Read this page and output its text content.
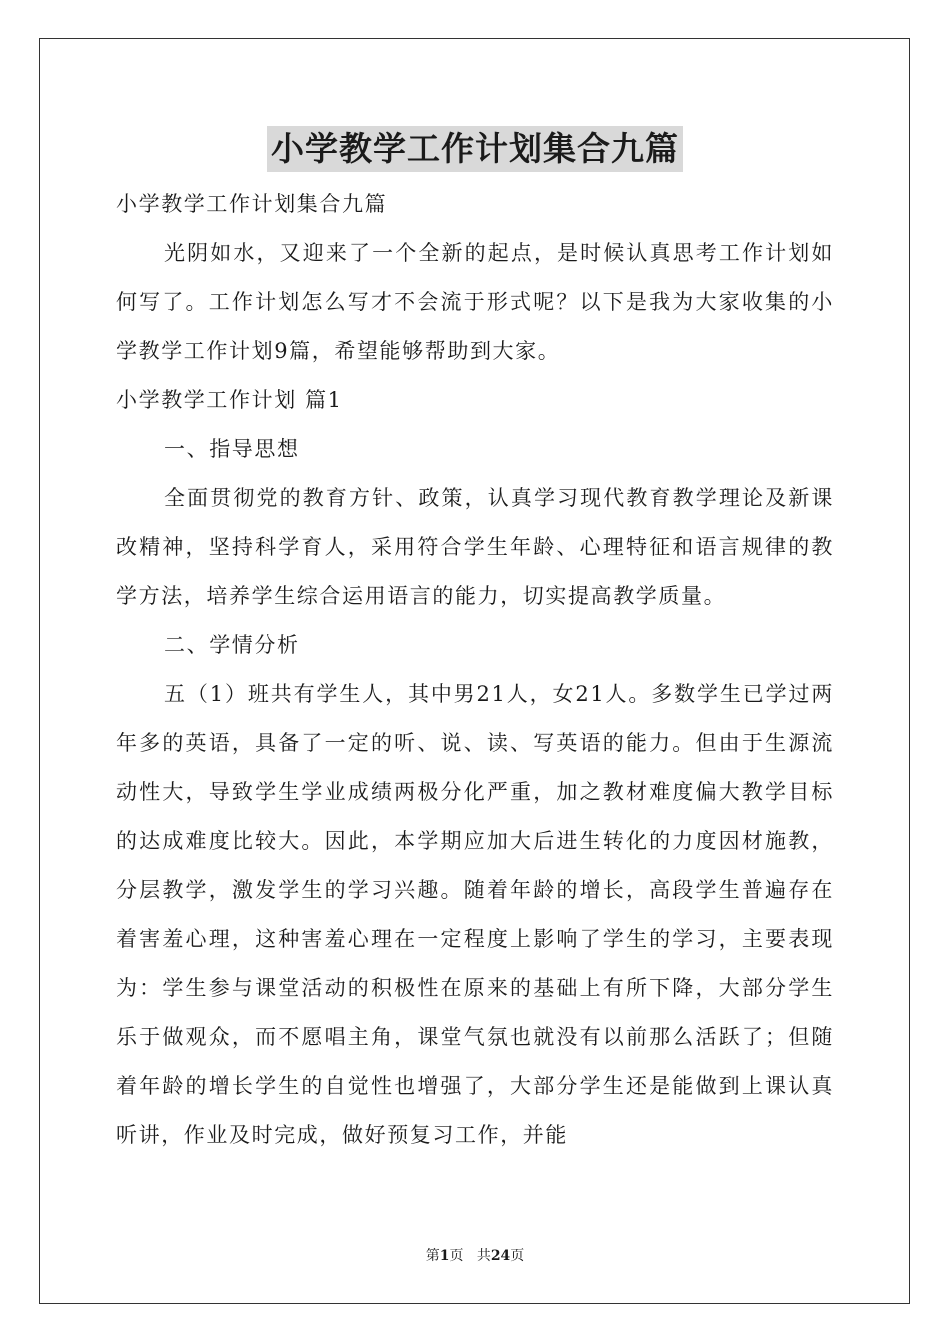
小学教学工作计划集合九篇

小学教学工作计划集合九篇

光阴如水，又迎来了一个全新的起点，是时候认真思考工作计划如何写了。工作计划怎么写才不会流于形式呢？以下是我为大家收集的小学教学工作计划9篇，希望能够帮助到大家。

小学教学工作计划 篇1

一、指导思想

全面贯彻党的教育方针、政策，认真学习现代教育教学理论及新课改精神，坚持科学育人，采用符合学生年龄、心理特征和语言规律的教学方法，培养学生综合运用语言的能力，切实提高教学质量。

二、学情分析

五（1）班共有学生人，其中男21人，女21人。多数学生已学过两年多的英语，具备了一定的听、说、读、写英语的能力。但由于生源流动性大，导致学生学业成绩两极分化严重，加之教材难度偏大教学目标的达成难度比较大。因此，本学期应加大后进生转化的力度因材施教，分层教学，激发学生的学习兴趣。随着年龄的增长，高段学生普遍存在着害羞心理，这种害羞心理在一定程度上影响了学生的学习，主要表现为：学生参与课堂活动的积极性在原来的基础上有所下降，大部分学生乐于做观众，而不愿唱主角，课堂气氛也就没有以前那么活跃了；但随着年龄的增长学生的自觉性也增强了，大部分学生还是能做到上课认真听讲，作业及时完成，做好预复习工作，并能

第1页 共24页
